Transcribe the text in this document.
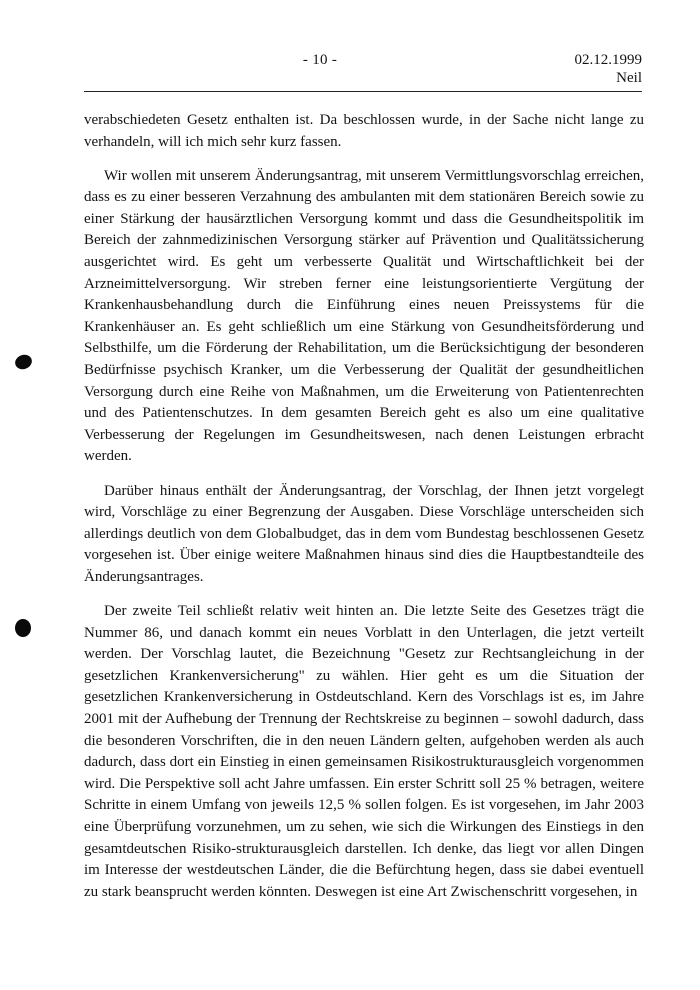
- 10 -	02.12.1999
Neil

verabschiedeten Gesetz enthalten ist. Da beschlossen wurde, in der Sache nicht lange zu verhandeln, will ich mich sehr kurz fassen.

Wir wollen mit unserem Änderungsantrag, mit unserem Vermittlungsvorschlag erreichen, dass es zu einer besseren Verzahnung des ambulanten mit dem stationären Bereich sowie zu einer Stärkung der hausärztlichen Versorgung kommt und dass die Gesundheitspolitik im Bereich der zahnmedizinischen Versorgung stärker auf Prävention und Qualitätssicherung ausgerichtet wird. Es geht um verbesserte Qualität und Wirtschaftlichkeit bei der Arzneimittelversorgung. Wir streben ferner eine leistungsorientierte Vergütung der Krankenhausbehandlung durch die Einführung eines neuen Preissystems für die Krankenhäuser an. Es geht schließlich um eine Stärkung von Gesundheitsförderung und Selbsthilfe, um die Förderung der Rehabilitation, um die Berücksichtigung der besonderen Bedürfnisse psychisch Kranker, um die Verbesserung der Qualität der gesundheitlichen Versorgung durch eine Reihe von Maßnahmen, um die Erweiterung von Patientenrechten und des Patientenschutzes. In dem gesamten Bereich geht es also um eine qualitative Verbesserung der Regelungen im Gesundheitswesen, nach denen Leistungen erbracht werden.

Darüber hinaus enthält der Änderungsantrag, der Vorschlag, der Ihnen jetzt vorgelegt wird, Vorschläge zu einer Begrenzung der Ausgaben. Diese Vorschläge unterscheiden sich allerdings deutlich von dem Globalbudget, das in dem vom Bundestag beschlossenen Gesetz vorgesehen ist. Über einige weitere Maßnahmen hinaus sind dies die Hauptbestandteile des Änderungsantrages.

Der zweite Teil schließt relativ weit hinten an. Die letzte Seite des Gesetzes trägt die Nummer 86, und danach kommt ein neues Vorblatt in den Unterlagen, die jetzt verteilt werden. Der Vorschlag lautet, die Bezeichnung "Gesetz zur Rechtsangleichung in der gesetzlichen Krankenversicherung" zu wählen. Hier geht es um die Situation der gesetzlichen Krankenversicherung in Ostdeutschland. Kern des Vorschlags ist es, im Jahre 2001 mit der Aufhebung der Trennung der Rechtskreise zu beginnen – sowohl dadurch, dass die besonderen Vorschriften, die in den neuen Ländern gelten, aufgehoben werden als auch dadurch, dass dort ein Einstieg in einen gemeinsamen Risikostrukturausgleich vorgenommen wird. Die Perspektive soll acht Jahre umfassen. Ein erster Schritt soll 25 % betragen, weitere Schritte in einem Umfang von jeweils 12,5 % sollen folgen. Es ist vorgesehen, im Jahr 2003 eine Überprüfung vorzunehmen, um zu sehen, wie sich die Wirkungen des Einstiegs in den gesamtdeutschen Risiko-strukturausgleich darstellen. Ich denke, das liegt vor allen Dingen im Interesse der westdeutschen Länder, die die Befürchtung hegen, dass sie dabei eventuell zu stark beansprucht werden könnten. Deswegen ist eine Art Zwischenschritt vorgesehen, in
